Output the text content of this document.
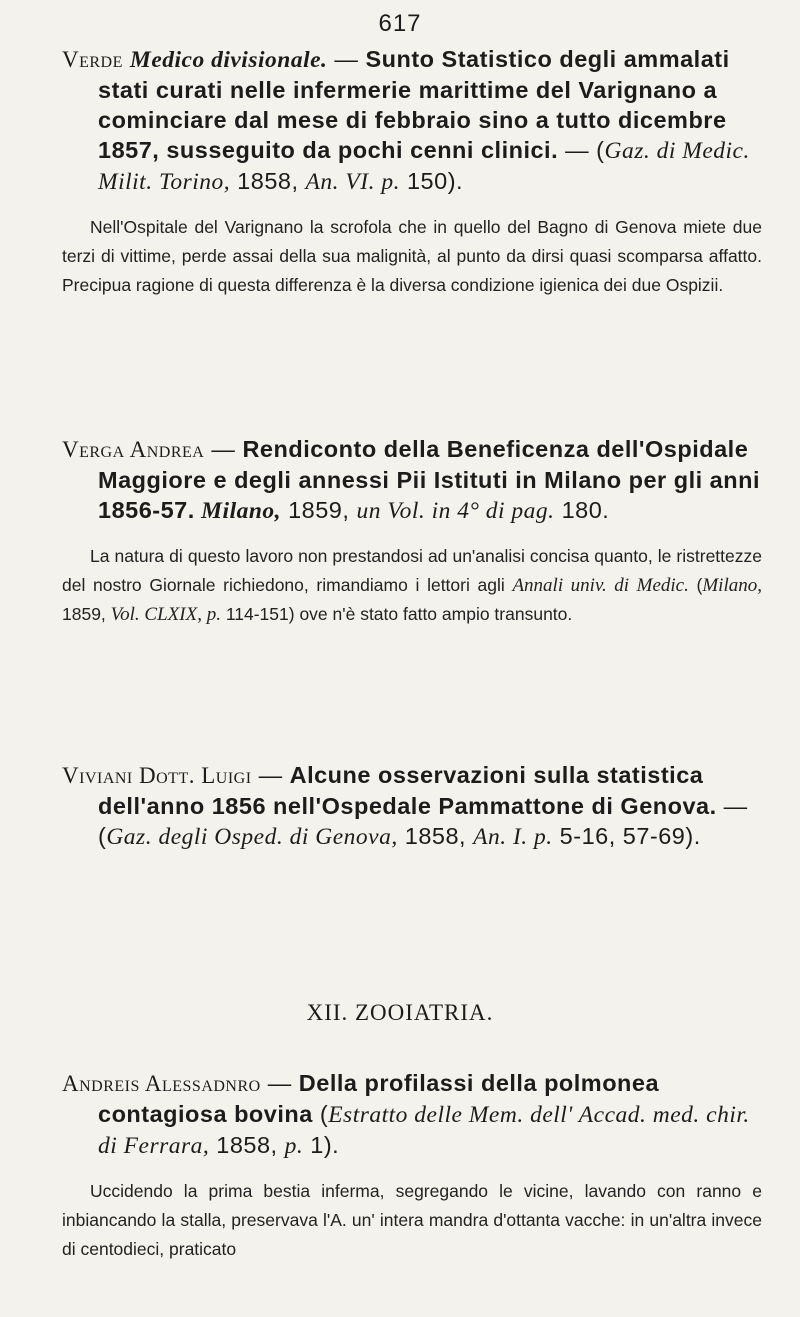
617
Verde Medico divisionale. — Sunto Statistico degli ammalati stati curati nelle infermerie marittime del Varignano a cominciare dal mese di febbraio sino a tutto dicembre 1857, susseguito da pochi cenni clinici. — (Gaz. di Medic. Milit. Torino, 1858, An. VI. p. 150).
Nell'Ospitale del Varignano la scrofola che in quello del Bagno di Genova miete due terzi di vittime, perde assai della sua malignità, al punto da dirsi quasi scomparsa affatto. Precipua ragione di questa differenza è la diversa condizione igienica dei due Ospizii.
Verga Andrea — Rendiconto della Beneficenza dell'Ospidale Maggiore e degli annessi Pii Istituti in Milano per gli anni 1856-57. Milano, 1859, un Vol. in 4° di pag. 180.
La natura di questo lavoro non prestandosi ad un'analisi concisa quanto, le ristrettezze del nostro Giornale richiedono, rimandiamo i lettori agli Annali univ. di Medic. (Milano, 1859, Vol. CLXIX, p. 114-151) ove n'è stato fatto ampio transunto.
Viviani Dott. Luigi — Alcune osservazioni sulla statistica dell'anno 1856 nell'Ospedale Pammattone di Genova. — (Gaz. degli Osped. di Genova, 1858, An. I. p. 5-16, 57-69).
XII. ZOOIATRIA.
Andreis Alessadnro — Della profilassi della polmonea contagiosa bovina (Estratto delle Mem. dell' Accad. med. chir. di Ferrara, 1858, p. 1).
Uccidendo la prima bestia inferma, segregando le vicine, lavando con ranno e inbiancando la stalla, preservava l'A. un' intera mandra d'ottanta vacche: in un'altra invece di centodieci, praticato
